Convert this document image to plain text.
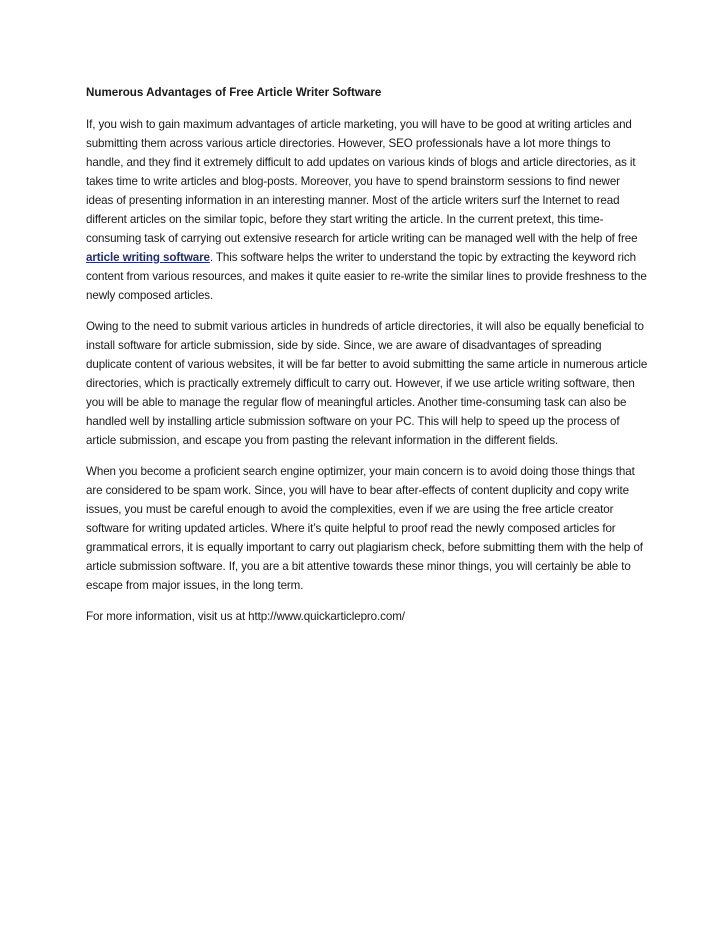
Numerous Advantages of Free Article Writer Software

If, you wish to gain maximum advantages of article marketing, you will have to be good at writing articles and submitting them across various article directories. However, SEO professionals have a lot more things to handle, and they find it extremely difficult to add updates on various kinds of blogs and article directories, as it takes time to write articles and blog-posts. Moreover, you have to spend brainstorm sessions to find newer ideas of presenting information in an interesting manner. Most of the article writers surf the Internet to read different articles on the similar topic, before they start writing the article. In the current pretext, this time-consuming task of carrying out extensive research for article writing can be managed well with the help of free article writing software. This software helps the writer to understand the topic by extracting the keyword rich content from various resources, and makes it quite easier to re-write the similar lines to provide freshness to the newly composed articles.

Owing to the need to submit various articles in hundreds of article directories, it will also be equally beneficial to install software for article submission, side by side. Since, we are aware of disadvantages of spreading duplicate content of various websites, it will be far better to avoid submitting the same article in numerous article directories, which is practically extremely difficult to carry out. However, if we use article writing software, then you will be able to manage the regular flow of meaningful articles. Another time-consuming task can also be handled well by installing article submission software on your PC. This will help to speed up the process of article submission, and escape you from pasting the relevant information in the different fields.

When you become a proficient search engine optimizer, your main concern is to avoid doing those things that are considered to be spam work. Since, you will have to bear after-effects of content duplicity and copy write issues, you must be careful enough to avoid the complexities, even if we are using the free article creator software for writing updated articles. Where it’s quite helpful to proof read the newly composed articles for grammatical errors, it is equally important to carry out plagiarism check, before submitting them with the help of article submission software. If, you are a bit attentive towards these minor things, you will certainly be able to escape from major issues, in the long term.

For more information, visit us at http://www.quickarticlepro.com/
